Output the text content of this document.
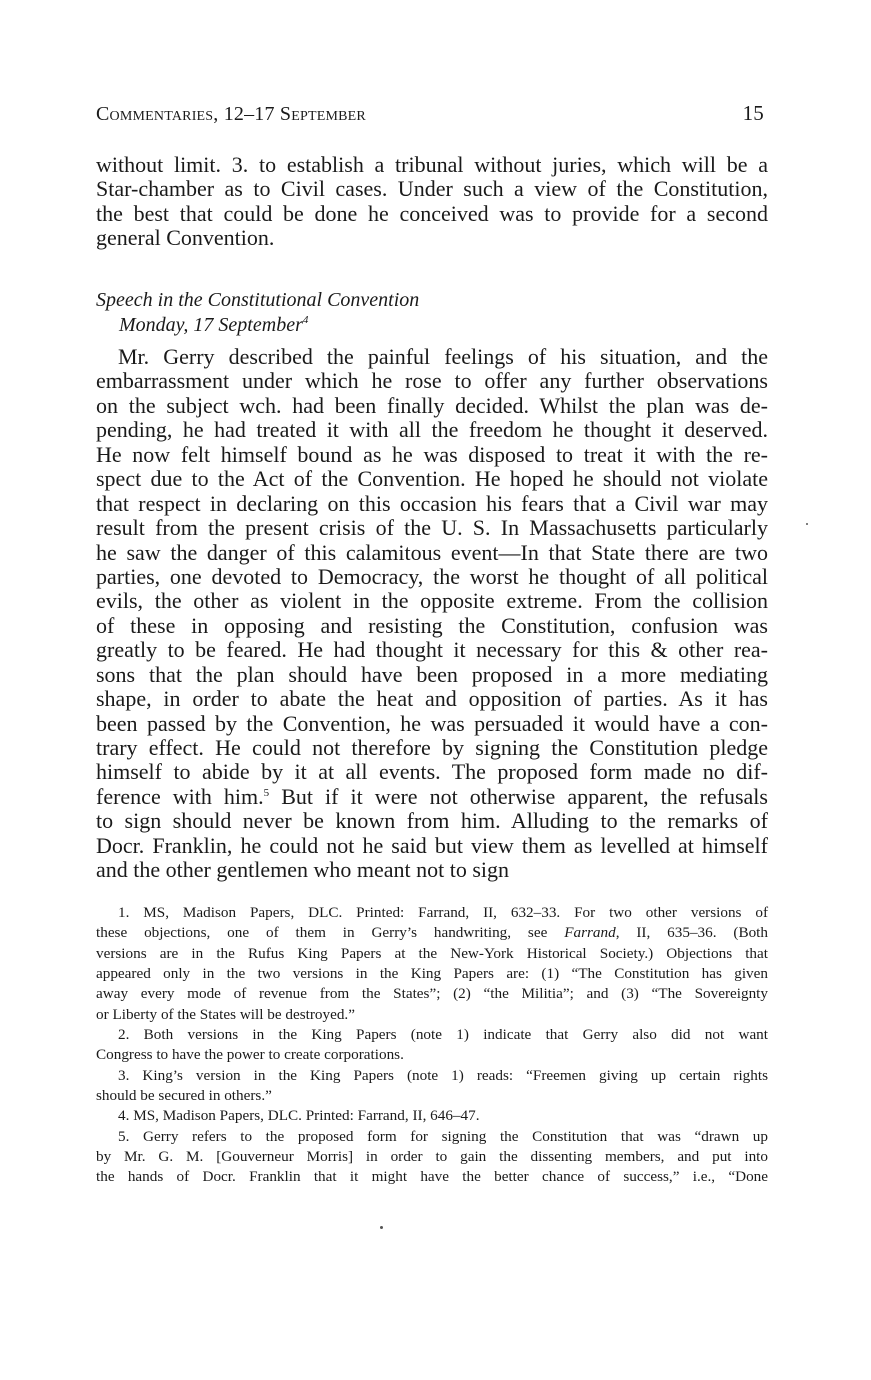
Commentaries, 12–17 September	15
without limit. 3. to establish a tribunal without juries, which will be a
Star-chamber as to Civil cases. Under such a view of the Constitution,
the best that could be done he conceived was to provide for a second
general Convention.
Speech in the Constitutional Convention
Monday, 17 September$^4$
Mr. Gerry described the painful feelings of his situation, and the
embarrassment under which he rose to offer any further observations
on the subject wch. had been finally decided. Whilst the plan was de-
pending, he had treated it with all the freedom he thought it deserved.
He now felt himself bound as he was disposed to treat it with the re-
spect due to the Act of the Convention. He hoped he should not violate
that respect in declaring on this occasion his fears that a Civil war may
result from the present crisis of the U. S. In Massachusetts particularly
he saw the danger of this calamitous event—In that State there are two
parties, one devoted to Democracy, the worst he thought of all political
evils, the other as violent in the opposite extreme. From the collision
of these in opposing and resisting the Constitution, confusion was
greatly to be feared. He had thought it necessary for this & other rea-
sons that the plan should have been proposed in a more mediating
shape, in order to abate the heat and opposition of parties. As it has
been passed by the Convention, he was persuaded it would have a con-
trary effect. He could not therefore by signing the Constitution pledge
himself to abide by it at all events. The proposed form made no dif-
ference with him.$^5$ But if it were not otherwise apparent, the refusals
to sign should never be known from him. Alluding to the remarks of
Docr. Franklin, he could not he said but view them as levelled at himself
and the other gentlemen who meant not to sign
1. MS, Madison Papers, DLC. Printed: Farrand, II, 632–33. For two other versions of
these objections, one of them in Gerry’s handwriting, see Farrand, II, 635–36. (Both
versions are in the Rufus King Papers at the New-York Historical Society.) Objections that
appeared only in the two versions in the King Papers are: (1) “The Constitution has given
away every mode of revenue from the States”; (2) “the Militia”; and (3) “The Sovereignty
or Liberty of the States will be destroyed.”
2. Both versions in the King Papers (note 1) indicate that Gerry also did not want
Congress to have the power to create corporations.
3. King’s version in the King Papers (note 1) reads: “Freemen giving up certain rights
should be secured in others.”
4. MS, Madison Papers, DLC. Printed: Farrand, II, 646–47.
5. Gerry refers to the proposed form for signing the Constitution that was “drawn up
by Mr. G. M. [Gouverneur Morris] in order to gain the dissenting members, and put into
the hands of Docr. Franklin that it might have the better chance of success,” i.e., “Done
